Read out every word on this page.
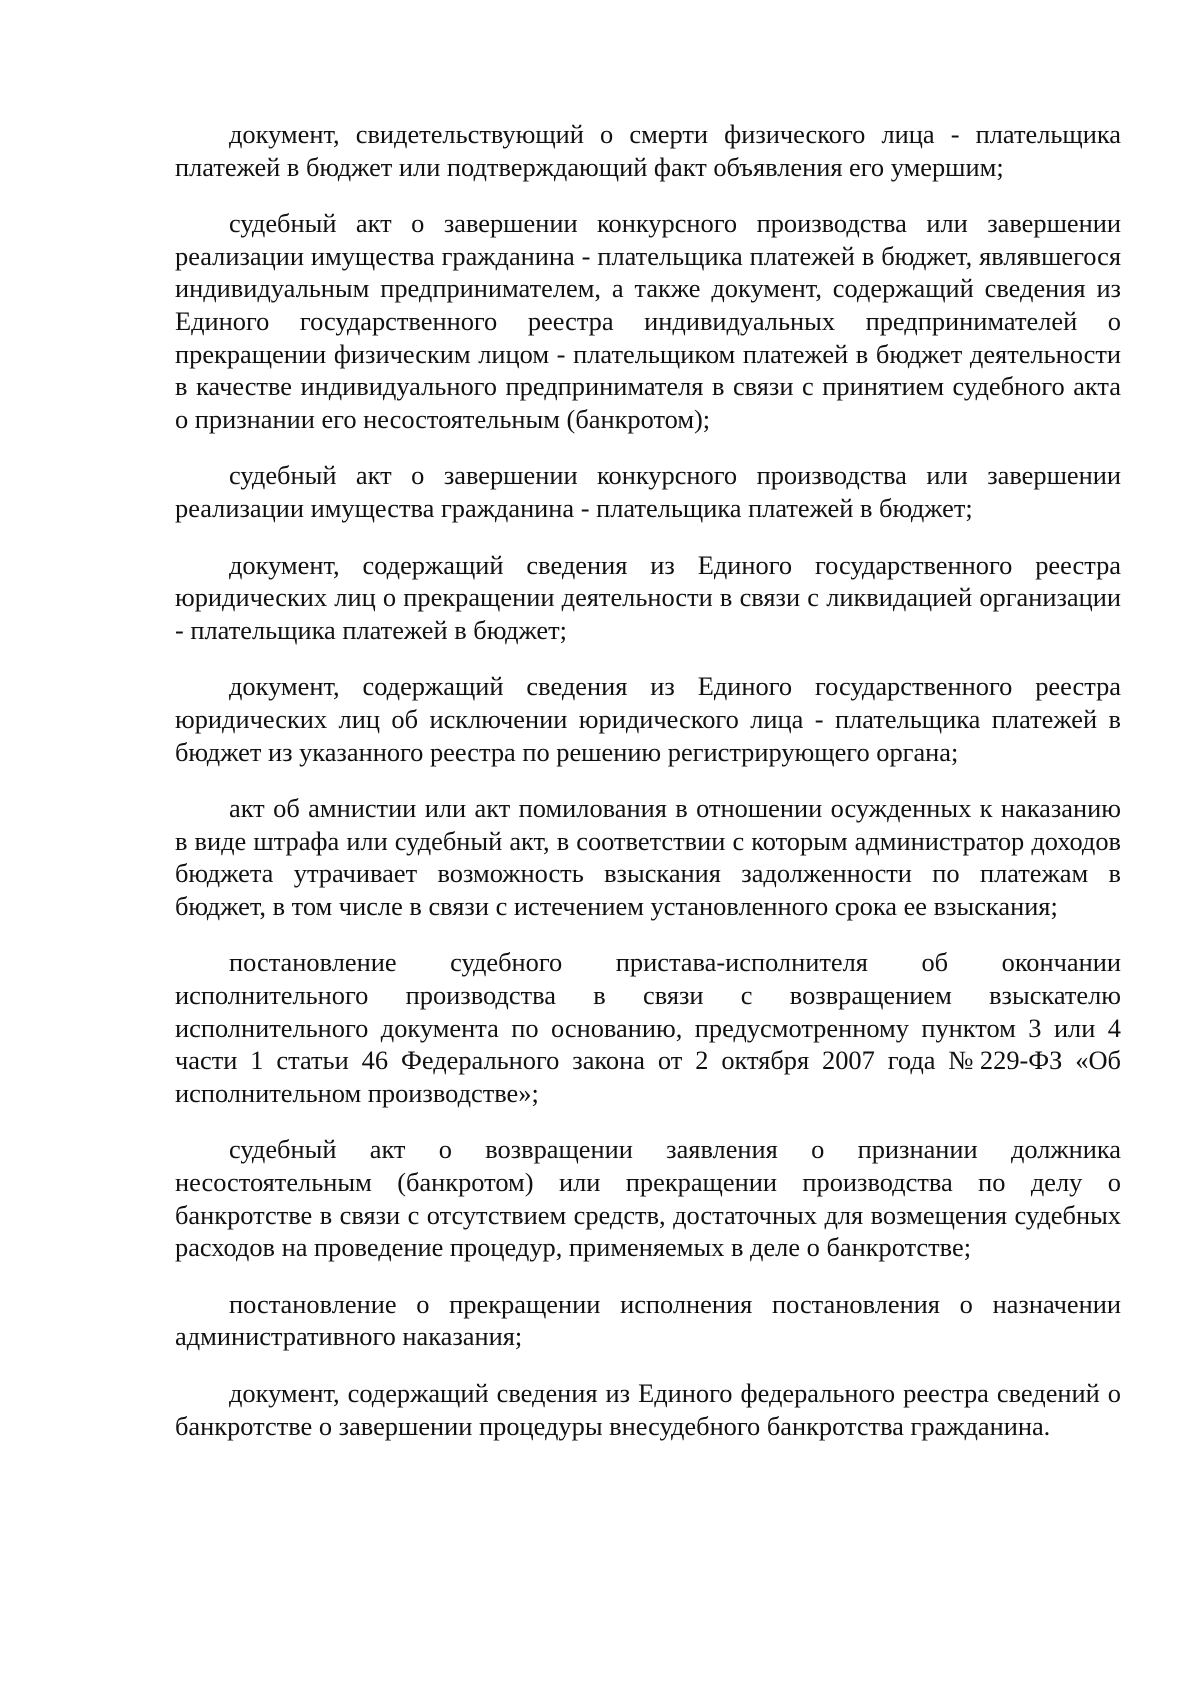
документ, свидетельствующий о смерти физического лица - плательщика платежей в бюджет или подтверждающий факт объявления его умершим;

судебный акт о завершении конкурсного производства или завершении реализации имущества гражданина - плательщика платежей в бюджет, являвшегося индивидуальным предпринимателем, а также документ, содержащий сведения из Единого государственного реестра индивидуальных предпринимателей о прекращении физическим лицом - плательщиком платежей в бюджет деятельности в качестве индивидуального предпринимателя в связи с принятием судебного акта о признании его несостоятельным (банкротом);

судебный акт о завершении конкурсного производства или завершении реализации имущества гражданина - плательщика платежей в бюджет;

документ, содержащий сведения из Единого государственного реестра юридических лиц о прекращении деятельности в связи с ликвидацией организации - плательщика платежей в бюджет;

документ, содержащий сведения из Единого государственного реестра юридических лиц об исключении юридического лица - плательщика платежей в бюджет из указанного реестра по решению регистрирующего органа;

акт об амнистии или акт помилования в отношении осужденных к наказанию в виде штрафа или судебный акт, в соответствии с которым администратор доходов бюджета утрачивает возможность взыскания задолженности по платежам в бюджет, в том числе в связи с истечением установленного срока ее взыскания;

постановление судебного пристава-исполнителя об окончании исполнительного производства в связи с возвращением взыскателю исполнительного документа по основанию, предусмотренному пунктом 3 или 4 части 1 статьи 46 Федерального закона от 2 октября 2007 года №229-ФЗ «Об исполнительном производстве»;

судебный акт о возвращении заявления о признании должника несостоятельным (банкротом) или прекращении производства по делу о банкротстве в связи с отсутствием средств, достаточных для возмещения судебных расходов на проведение процедур, применяемых в деле о банкротстве;

постановление о прекращении исполнения постановления о назначении административного наказания;

документ, содержащий сведения из Единого федерального реестра сведений о банкротстве о завершении процедуры внесудебного банкротства гражданина.
